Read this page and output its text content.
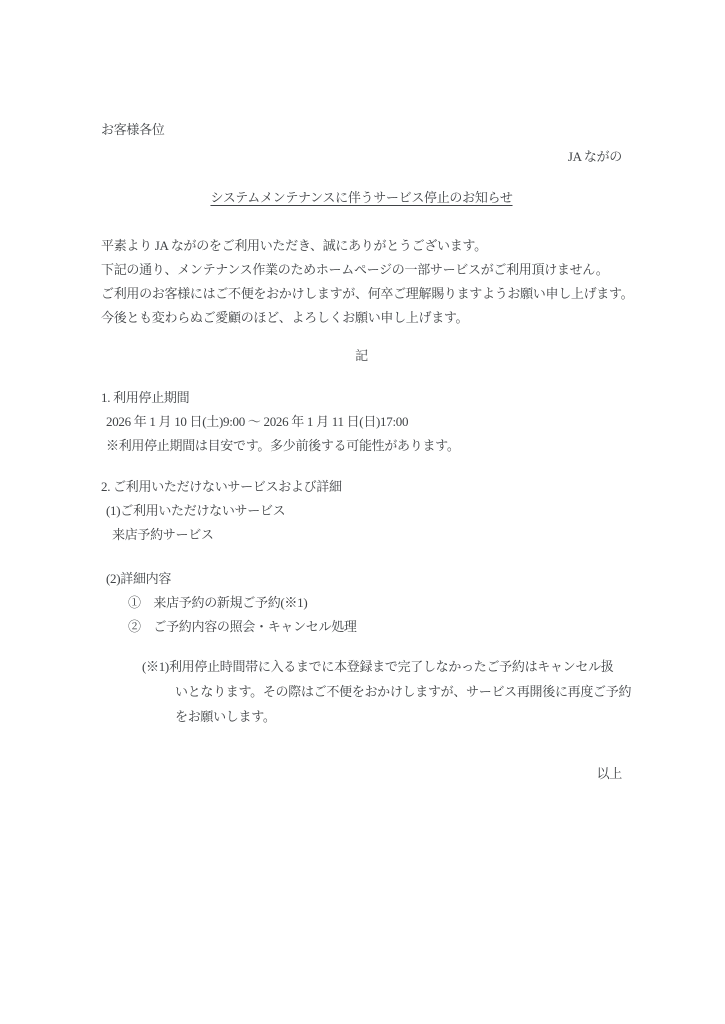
お客様各位
JA ながの
システムメンテナンスに伴うサービス停止のお知らせ
平素より JA ながのをご利用いただき、誠にありがとうございます。
下記の通り、メンテナンス作業のためホームページの一部サービスがご利用頂けません。
ご利用のお客様にはご不便をおかけしますが、何卒ご理解賜りますようお願い申し上げます。
今後とも変わらぬご愛顧のほど、よろしくお願い申し上げます。
記
1. 利用停止期間
2026 年 1 月 10 日(土)9:00 ～ 2026 年 1 月 11 日(日)17:00
※利用停止期間は目安です。多少前後する可能性があります。
2. ご利用いただけないサービスおよび詳細
(1)ご利用いただけないサービス
来店予約サービス
(2)詳細内容
①　来店予約の新規ご予約(※1)
②　ご予約内容の照会・キャンセル処理
(※1)利用停止時間帯に入るまでに本登録まで完了しなかったご予約はキャンセル扱
いとなります。その際はご不便をおかけしますが、サービス再開後に再度ご予約
をお願いします。
以上
